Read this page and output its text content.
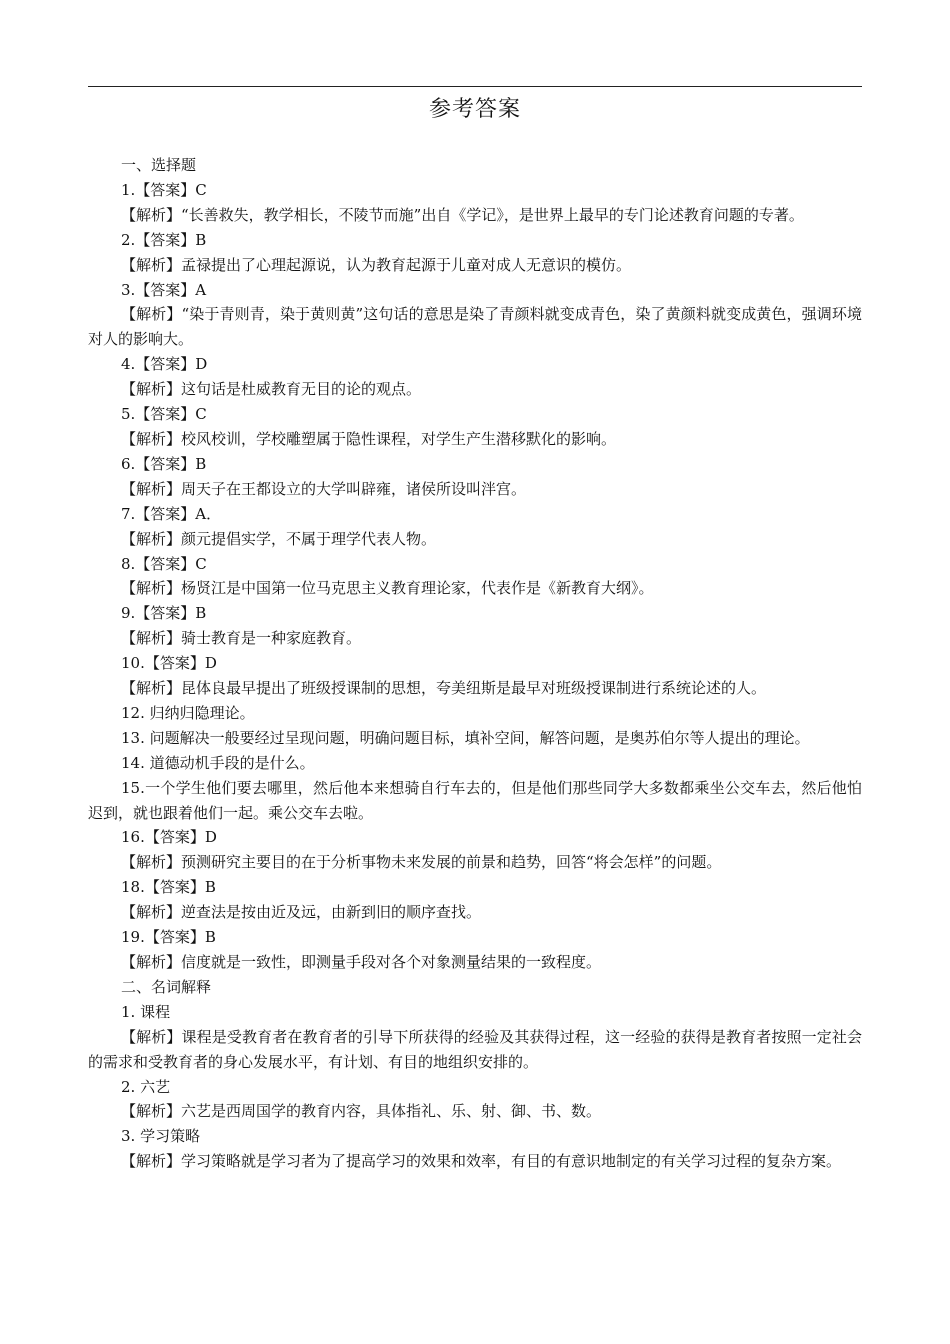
参考答案

一、选择题

1.【答案】C

【解析】“长善救失，教学相长，不陵节而施”出自《学记》，是世界上最早的专门论述教育问题的专著。

2.【答案】B

【解析】孟禄提出了心理起源说，认为教育起源于儿童对成人无意识的模仿。

3.【答案】A

【解析】“染于青则青，染于黄则黄”这句话的意思是染了青颜料就变成青色，染了黄颜料就变成黄色，强调环境对人的影响大。

4.【答案】D

【解析】这句话是杜威教育无目的论的观点。

5.【答案】C

【解析】校风校训，学校雕塑属于隐性课程，对学生产生潜移默化的影响。

6.【答案】B

【解析】周天子在王都设立的大学叫辟雍，诸侯所设叫泮宫。

7.【答案】A．

【解析】颜元提倡实学，不属于理学代表人物。

8.【答案】C

【解析】杨贤江是中国第一位马克思主义教育理论家，代表作是《新教育大纲》。

9.【答案】B

【解析】骑士教育是一种家庭教育。

10.【答案】D

【解析】昆体良最早提出了班级授课制的思想，夸美纽斯是最早对班级授课制进行系统论述的人。

12. 归纳归隐理论。

13. 问题解决一般要经过呈现问题，明确问题目标，填补空间，解答问题，是奥苏伯尔等人提出的理论。

14. 道德动机手段的是什么。

15.一个学生他们要去哪里，然后他本来想骑自行车去的，但是他们那些同学大多数都乘坐公交车去，然后他怕迟到，就也跟着他们一起。乘公交车去啦。

16.【答案】D

【解析】预测研究主要目的在于分析事物未来发展的前景和趋势，回答“将会怎样”的问题。

18.【答案】B

【解析】逆查法是按由近及远，由新到旧的顺序查找。

19.【答案】B

【解析】信度就是一致性，即测量手段对各个对象测量结果的一致程度。

二、名词解释

1. 课程

【解析】课程是受教育者在教育者的引导下所获得的经验及其获得过程，这一经验的获得是教育者按照一定社会的需求和受教育者的身心发展水平，有计划、有目的地组织安排的。

2. 六艺

【解析】六艺是西周国学的教育内容，具体指礼、乐、射、御、书、数。

3. 学习策略

【解析】学习策略就是学习者为了提高学习的效果和效率，有目的有意识地制定的有关学习过程的复杂方案。
